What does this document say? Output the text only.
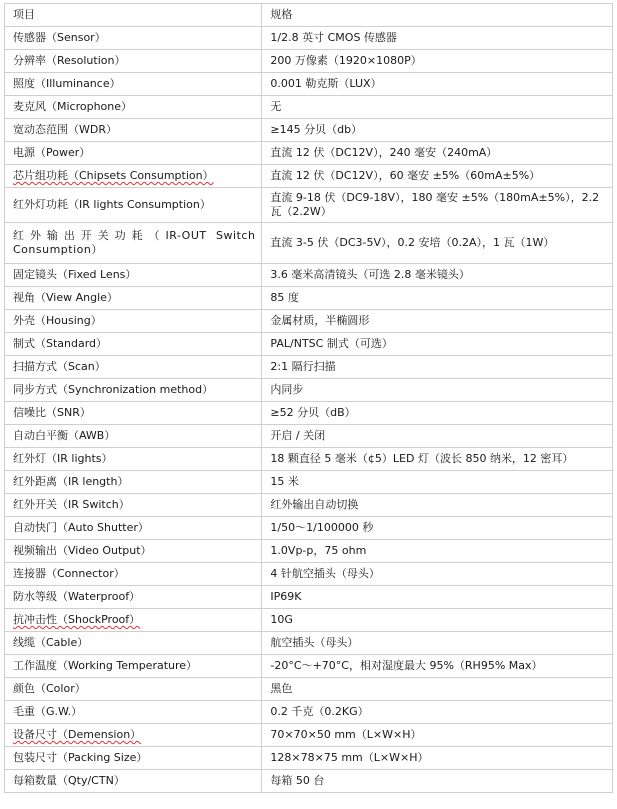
项目	规格
传感器（Sensor）	1/2.8 英寸 CMOS 传感器
分辨率（Resolution）	200 万像素（1920×1080P）
照度（Illuminance）	0.001 勒克斯（LUX）
麦克风（Microphone）	无
宽动态范围（WDR）	≥145 分贝（db）
电源（Power）	直流 12 伏（DC12V），240 毫安（240mA）
芯片组功耗（Chipsets Consumption）	直流 12 伏（DC12V），60 毫安 ±5%（60mA±5%）
红外灯功耗（IR lights Consumption）	直流 9-18 伏（DC9-18V），180 毫安 ±5%（180mA±5%），2.2 瓦（2.2W）
红外输出开关功耗（IR-OUT Switch Consumption）	直流 3-5 伏（DC3-5V），0.2 安培（0.2A），1 瓦（1W）
固定镜头（Fixed Lens）	3.6 毫米高清镜头（可选 2.8 毫米镜头）
视角（View Angle）	85 度
外壳（Housing）	金属材质，半椭圆形
制式（Standard）	PAL/NTSC 制式（可选）
扫描方式（Scan）	2:1 隔行扫描
同步方式（Synchronization method）	内同步
信噪比（SNR）	≥52 分贝（dB）
自动白平衡（AWB）	开启 / 关闭
红外灯（IR lights）	18 颗直径 5 毫米（¢5）LED 灯（波长 850 纳米，12 密耳）
红外距离（IR length）	15 米
红外开关（IR Switch）	红外输出自动切换
自动快门（Auto Shutter）	1/50～1/100000 秒
视频输出（Video Output）	1.0Vp-p，75 ohm
连接器（Connector）	4 针航空插头（母头）
防水等级（Waterproof）	IP69K
抗冲击性（ShockProof）	10G
线缆（Cable）	航空插头（母头）
工作温度（Working Temperature）	-20°C～+70°C，相对湿度最大 95%（RH95% Max）
颜色（Color）	黑色
毛重（G.W.）	0.2 千克（0.2KG）
设备尺寸（Demension）	70×70×50 mm（L×W×H）
包装尺寸（Packing Size）	128×78×75 mm（L×W×H）
每箱数量（Qty/CTN）	每箱 50 台
